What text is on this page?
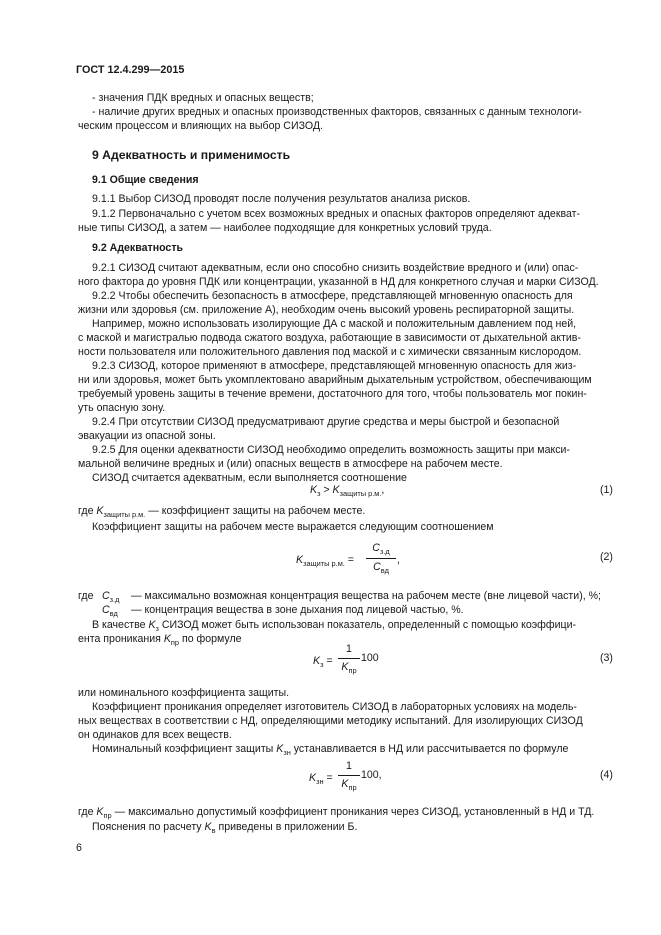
ГОСТ 12.4.299—2015
- значения ПДК вредных и опасных веществ;
- наличие других вредных и опасных производственных факторов, связанных с данным технологи-
ческим процессом и влияющих на выбор СИЗОД.
9 Адекватность и применимость
9.1 Общие сведения
9.1.1 Выбор СИЗОД проводят после получения результатов анализа рисков.
9.1.2 Первоначально с учетом всех возможных вредных и опасных факторов определяют адекват-
ные типы СИЗОД, а затем — наиболее подходящие для конкретных условий труда.
9.2 Адекватность
9.2.1 СИЗОД считают адекватным, если оно способно снизить воздействие вредного и (или) опас-
ного фактора до уровня ПДК или концентрации, указанной в НД для конкретного случая и марки СИЗОД.
9.2.2 Чтобы обеспечить безопасность в атмосфере, представляющей мгновенную опасность для
жизни или здоровья (см. приложение А), необходим очень высокий уровень респираторной защиты.
Например, можно использовать изолирующие ДА с маской и положительным давлением под ней,
с маской и магистралью подвода сжатого воздуха, работающие в зависимости от дыхательной актив-
ности пользователя или положительного давления под маской и с химически связанным кислородом.
9.2.3 СИЗОД, которое применяют в атмосфере, представляющей мгновенную опасность для жиз-
ни или здоровья, может быть укомплектовано аварийным дыхательным устройством, обеспечивающим
требуемый уровень защиты в течение времени, достаточного для того, чтобы пользователь мог покин-
уть опасную зону.
9.2.4 При отсутствии СИЗОД предусматривают другие средства и меры быстрой и безопасной
эвакуации из опасной зоны.
9.2.5 Для оценки адекватности СИЗОД необходимо определить возможность защиты при макси-
мальной величине вредных и (или) опасных веществ в атмосфере на рабочем месте.
СИЗОД считается адекватным, если выполняется соотношение
$K_з > K_{защиты р.м.}$,	(1)
где $K_{защиты р.м.}$ — коэффициент защиты на рабочем месте.
Коэффициент защиты на рабочем месте выражается следующим соотношением
$K_{защиты р.м.}$ =
$C_{з.д}$
$C_{вд}$
,	(2)
где $C_{з.д}$ — максимально возможная концентрация вещества на рабочем месте (вне лицевой части), %;
$C_{вд}$ — концентрация вещества в зоне дыхания под лицевой частью, %.
В качестве $K_з$ СИЗОД может быть использован показатель, определенный с помощью коэффици-
ента проникания $K_{пр}$ по формуле
$K_з$ =
1
$K_{пр}$
100	(3)
или номинального коэффициента защиты.
Коэффициент проникания определяет изготовитель СИЗОД в лабораторных условиях на модель-
ных веществах в соответствии с НД, определяющими методику испытаний. Для изолирующих СИЗОД
он одинаков для всех веществ.
Номинальный коэффициент защиты $K_{зн}$ устанавливается в НД или рассчитывается по формуле
$K_{зн}$ =
1
$K_{пр}$
100,	(4)
где $K_{пр}$ — максимально допустимый коэффициент проникания через СИЗОД, установленный в НД и ТД.
Пояснения по расчету $K_в$ приведены в приложении Б.
6
